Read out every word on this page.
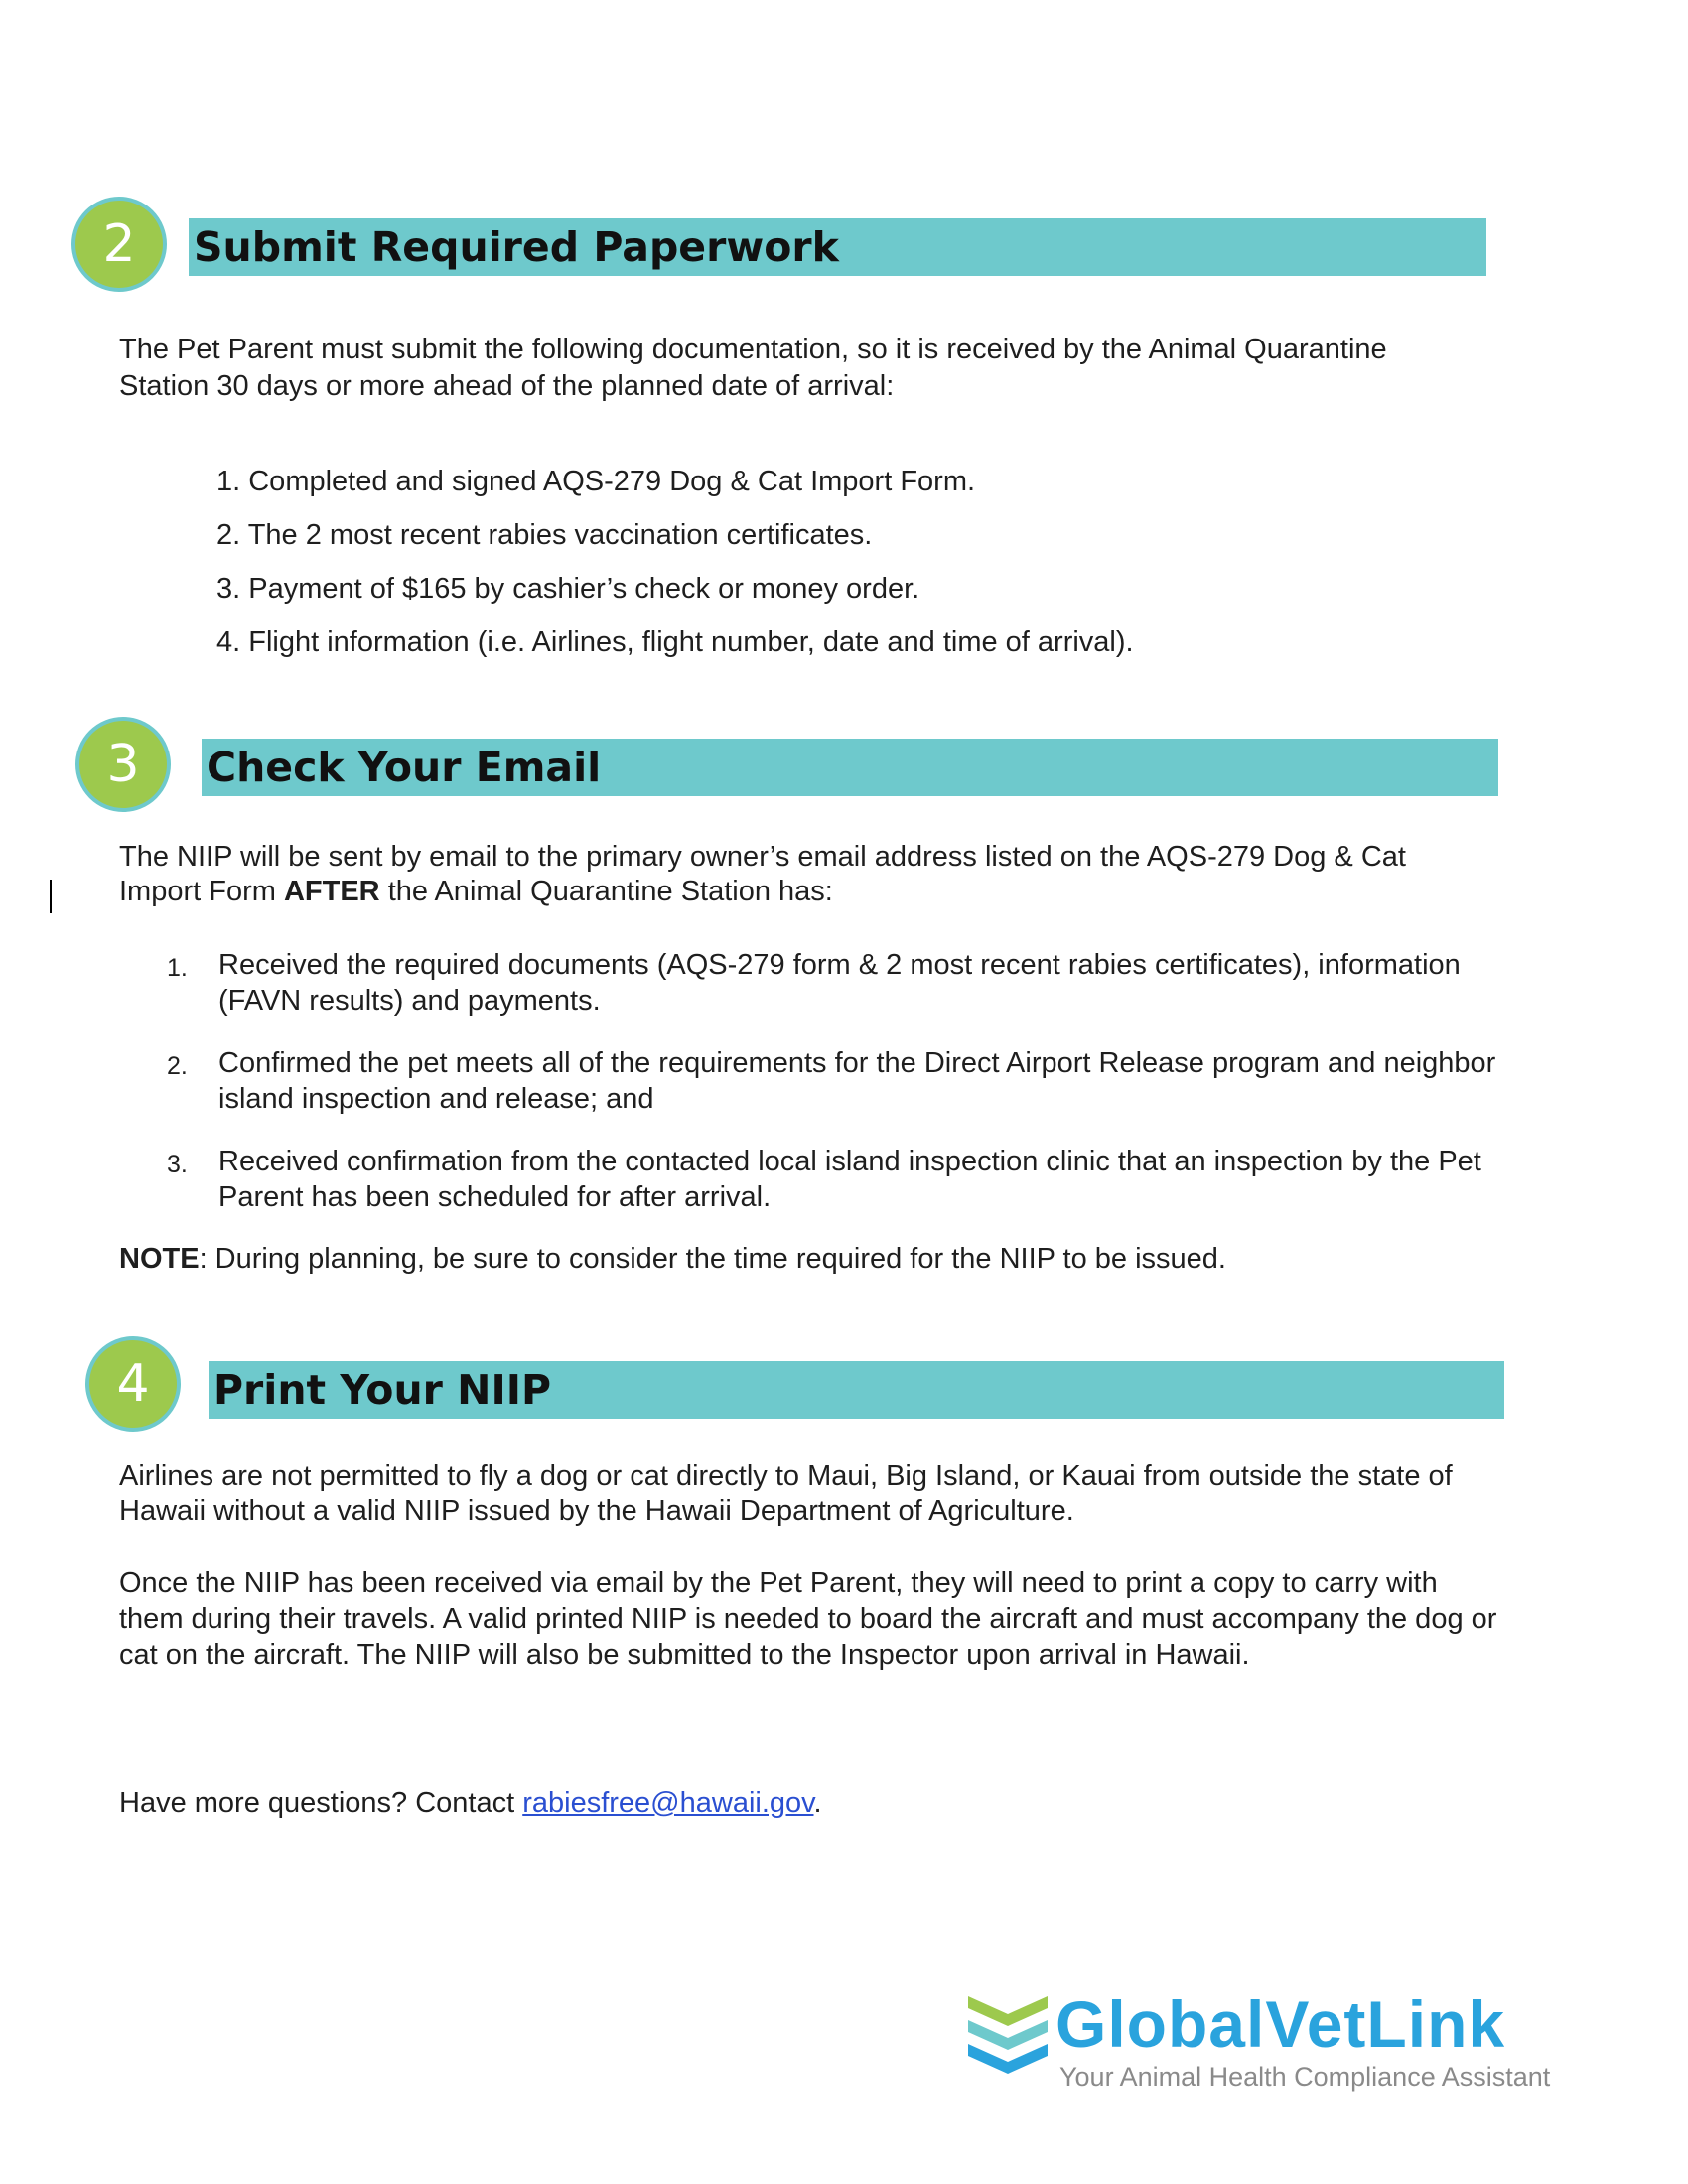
2 Submit Required Paperwork
The Pet Parent must submit the following documentation, so it is received by the Animal Quarantine Station 30 days or more ahead of the planned date of arrival:
1. Completed and signed AQS-279 Dog & Cat Import Form.
2. The 2 most recent rabies vaccination certificates.
3. Payment of $165 by cashier’s check or money order.
4. Flight information (i.e. Airlines, flight number, date and time of arrival).
3 Check Your Email
The NIIP will be sent by email to the primary owner’s email address listed on the AQS-279 Dog & Cat Import Form AFTER the Animal Quarantine Station has:
1.	Received the required documents (AQS-279 form & 2 most recent rabies certificates), information (FAVN results) and payments.
2.	Confirmed the pet meets all of the requirements for the Direct Airport Release program and neighbor island inspection and release; and
3.	Received confirmation from the contacted local island inspection clinic that an inspection by the Pet Parent has been scheduled for after arrival.
NOTE: During planning, be sure to consider the time required for the NIIP to be issued.
4 Print Your NIIP
Airlines are not permitted to fly a dog or cat directly to Maui, Big Island, or Kauai from outside the state of Hawaii without a valid NIIP issued by the Hawaii Department of Agriculture.
Once the NIIP has been received via email by the Pet Parent, they will need to print a copy to carry with them during their travels. A valid printed NIIP is needed to board the aircraft and must accompany the dog or cat on the aircraft. The NIIP will also be submitted to the Inspector upon arrival in Hawaii.
Have more questions? Contact rabiesfree@hawaii.gov.
GlobalVetLink
Your Animal Health Compliance Assistant
